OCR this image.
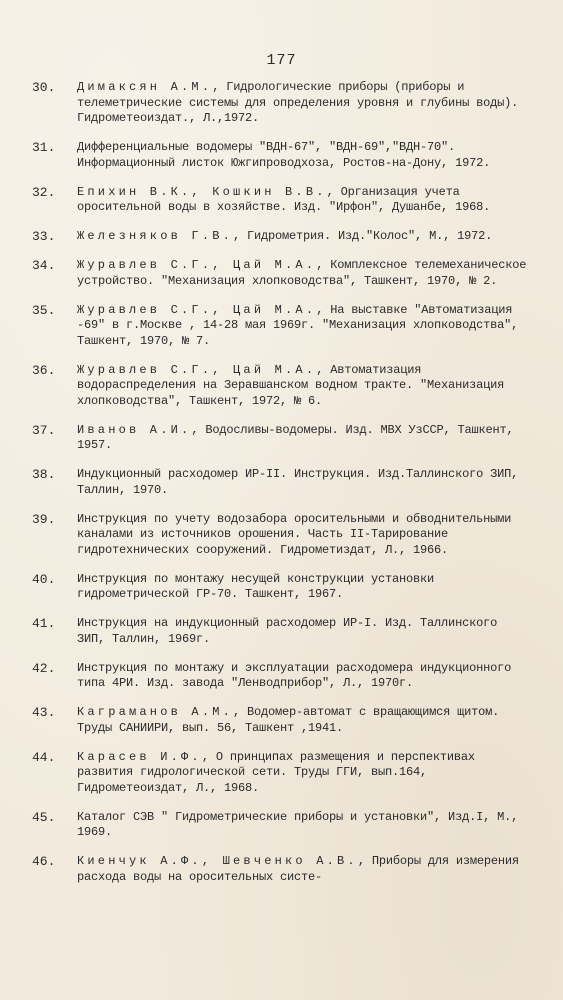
177
30.	Димаксян А.М., Гидрологические приборы (приборы и телеметрические системы для определения уровня и глубины воды). Гидрометеоиздат., Л.,1972.
31.	Дифференциальные водомеры "ВДН-67", "ВДН-69","ВДН-70". Информационный листок Южгипроводхоза, Ростов-на-Дону, 1972.
32.	Епихин В.К., Кошкин В.В., Организация учета оросительной воды в хозяйстве. Изд. "Ирфон", Душанбе, 1968.
33.	Железняков Г.В., Гидрометрия. Изд."Колос", М., 1972.
34.	Журавлев С.Г., Цай М.А., Комплексное телемеханическое устройство. "Механизация хлопководства", Ташкент, 1970, № 2.
35.	Журавлев С.Г., Цай М.А., На выставке "Автоматизация -69" в г.Москве , 14-28 мая 1969г. "Механизация хлопководства", Ташкент, 1970, № 7.
36.	Журавлев С.Г., Цай М.А., Автоматизация водораспределения на Зеравшанском водном тракте. "Механизация хлопководства", Ташкент, 1972, № 6.
37.	Иванов А.И., Водосливы-водомеры. Изд. МВХ УзССР, Ташкент, 1957.
38.	Индукционный расходомер ИР-II. Инструкция. Изд.Таллинского ЗИП, Таллин, 1970.
39.	Инструкция по учету водозабора оросительными и обводнительными каналами из источников орошения. Часть II-Тарирование гидротехнических сооружений. Гидрометиздат, Л., 1966.
40.	Инструкция по монтажу несущей конструкции установки гидрометрической ГР-70. Ташкент, 1967.
41.	Инструкция на индукционный расходомер ИР-I. Изд. Таллинского ЗИП, Таллин, 1969г.
42.	Инструкция по монтажу и эксплуатации расходомера индукционного типа 4РИ. Изд. завода "Ленводприбор", Л., 1970г.
43.	Каграманов А.М., Водомер-автомат с вращающимся щитом. Труды САНИИРИ, вып. 56, Ташкент ,1941.
44.	Карасев И.Ф., О принципах размещения и перспективах развития гидрологической сети. Труды ГГИ, вып.164, Гидрометеоиздат, Л., 1968.
45.	Каталог СЭВ " Гидрометрические приборы и установки", Изд.I, М., 1969.
46.	Киенчук А.Ф., Шевченко А.В., Приборы для измерения расхода воды на оросительных систе-
